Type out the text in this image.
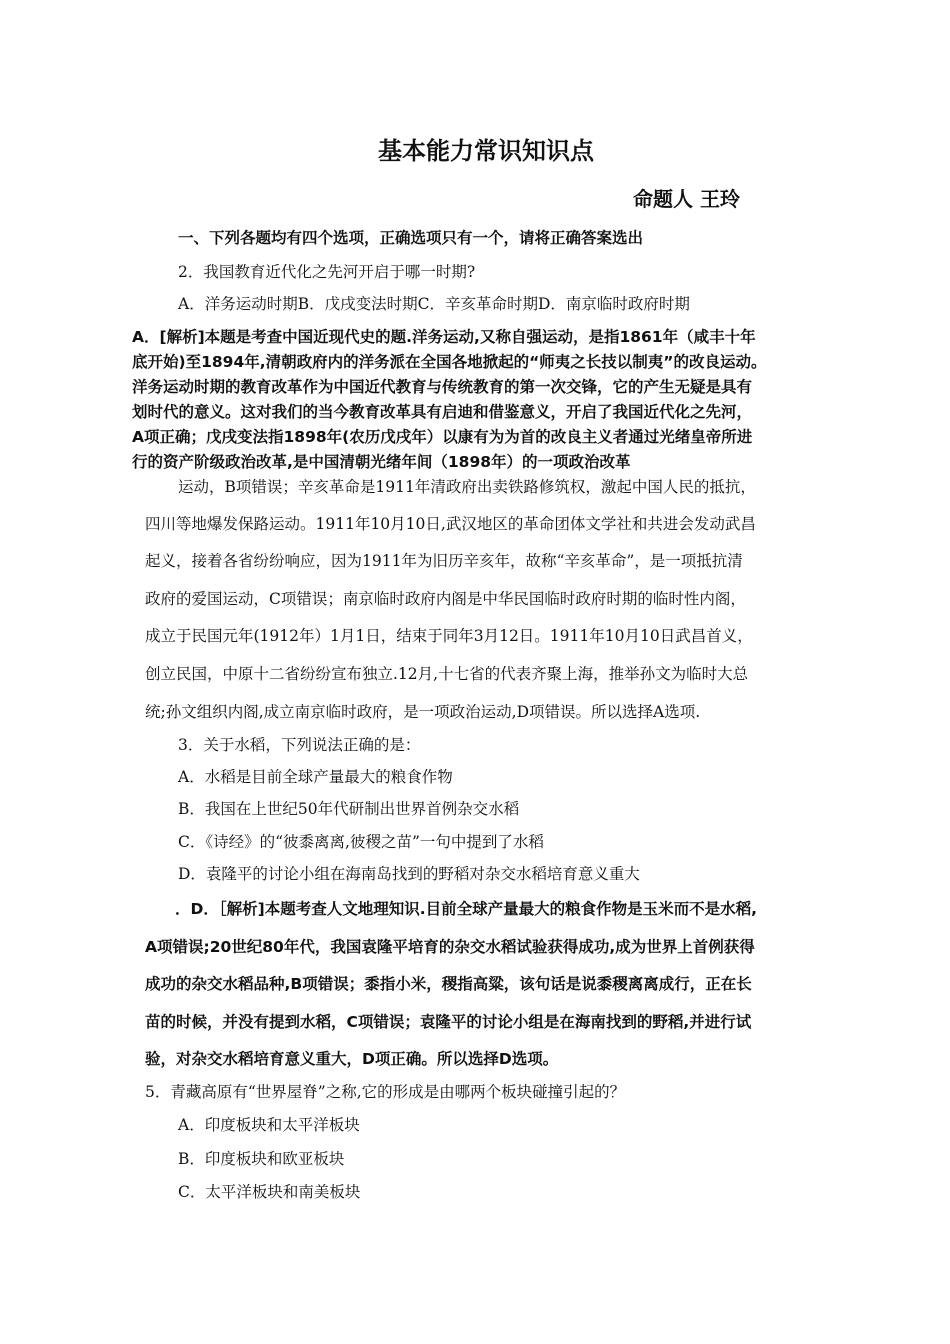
基本能力常识知识点
命题人 王玲
一、下列各题均有四个选项，正确选项只有一个，请将正确答案选出
2．我国教育近代化之先河开启于哪一时期?
A．洋务运动时期B．戊戌变法时期C．辛亥革命时期D．南京临时政府时期
A．[解析]本题是考查中国近现代史的题.洋务运动,又称自强运动，是指1861年（咸丰十年
底开始)至1894年,清朝政府内的洋务派在全国各地掀起的“师夷之长技以制夷”的改良运动。
洋务运动时期的教育改革作为中国近代教育与传统教育的第一次交锋，它的产生无疑是具有
划时代的意义。这对我们的当今教育改革具有启迪和借鉴意义，开启了我国近代化之先河，
A项正确；戊戌变法指1898年(农历戊戌年）以康有为为首的改良主义者通过光绪皇帝所进
行的资产阶级政治改革,是中国清朝光绪年间（1898年）的一项政治改革
运动，B项错误；辛亥革命是1911年清政府出卖铁路修筑权，激起中国人民的抵抗，
四川等地爆发保路运动。1911年10月10日,武汉地区的革命团体文学社和共进会发动武昌
起义，接着各省纷纷响应，因为1911年为旧历辛亥年，故称“辛亥革命”，是一项抵抗清
政府的爱国运动，C项错误；南京临时政府内阁是中华民国临时政府时期的临时性内阁，
成立于民国元年(1912年）1月1日，结束于同年3月12日。1911年10月10日武昌首义，
创立民国，中原十二省纷纷宣布独立.12月,十七省的代表齐聚上海，推举孙文为临时大总
统;孙文组织内阁,成立南京临时政府，是一项政治运动,D项错误。所以选择A选项.
3．关于水稻，下列说法正确的是：
A．水稻是目前全球产量最大的粮食作物
B．我国在上世纪50年代研制出世界首例杂交水稻
C．《诗经》的“彼黍离离,彼稷之苗”一句中提到了水稻
D．袁隆平的讨论小组在海南岛找到的野稻对杂交水稻培育意义重大
．D．［解析]本题考查人文地理知识.目前全球产量最大的粮食作物是玉米而不是水稻,
A项错误;20世纪80年代，我国袁隆平培育的杂交水稻试验获得成功,成为世界上首例获得
成功的杂交水稻品种,B项错误；黍指小米，稷指高粱，该句话是说黍稷离离成行，正在长
苗的时候，并没有提到水稻，C项错误；袁隆平的讨论小组是在海南找到的野稻,并进行试
验，对杂交水稻培育意义重大，D项正确。所以选择D选项。
5．青藏高原有“世界屋脊”之称,它的形成是由哪两个板块碰撞引起的？
A．印度板块和太平洋板块
B．印度板块和欧亚板块
C．太平洋板块和南美板块
